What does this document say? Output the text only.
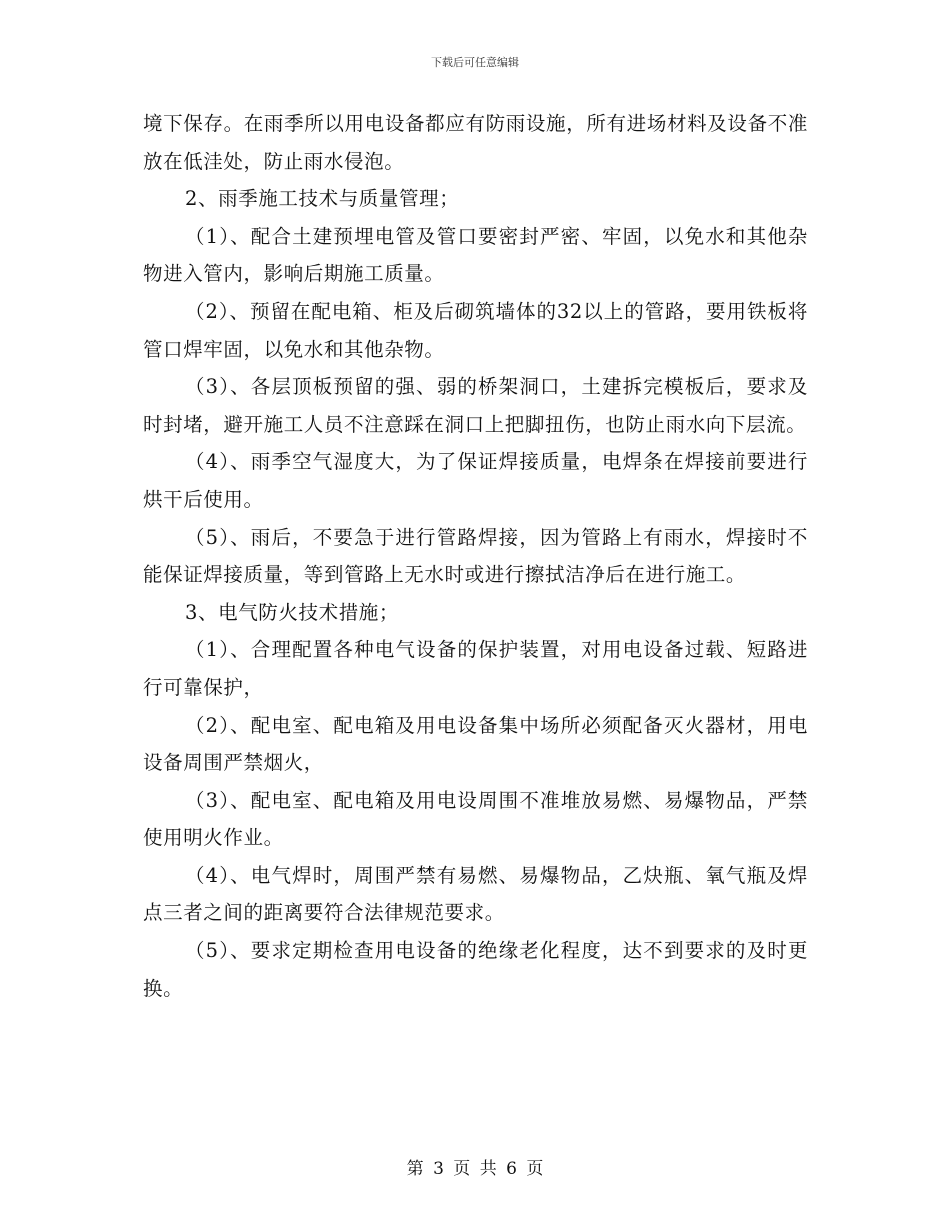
下载后可任意编辑

境下保存。在雨季所以用电设备都应有防雨设施，所有进场材料及设备不准放在低洼处，防止雨水侵泡。

2、雨季施工技术与质量管理；

（1）、配合土建预埋电管及管口要密封严密、牢固，以免水和其他杂物进入管内，影响后期施工质量。

（2）、预留在配电箱、柜及后砌筑墙体的32以上的管路，要用铁板将管口焊牢固，以免水和其他杂物。

（3）、各层顶板预留的强、弱的桥架洞口，土建拆完模板后，要求及时封堵，避开施工人员不注意踩在洞口上把脚扭伤，也防止雨水向下层流。

（4）、雨季空气湿度大，为了保证焊接质量，电焊条在焊接前要进行烘干后使用。

（5）、雨后，不要急于进行管路焊接，因为管路上有雨水，焊接时不能保证焊接质量，等到管路上无水时或进行擦拭洁净后在进行施工。

3、电气防火技术措施；

（1）、合理配置各种电气设备的保护装置，对用电设备过载、短路进行可靠保护，

（2）、配电室、配电箱及用电设备集中场所必须配备灭火器材，用电设备周围严禁烟火，

（3）、配电室、配电箱及用电设周围不准堆放易燃、易爆物品，严禁使用明火作业。

（4）、电气焊时，周围严禁有易燃、易爆物品，乙炔瓶、氧气瓶及焊点三者之间的距离要符合法律规范要求。

（5）、要求定期检查用电设备的绝缘老化程度，达不到要求的及时更换。

第 3 页 共 6 页
